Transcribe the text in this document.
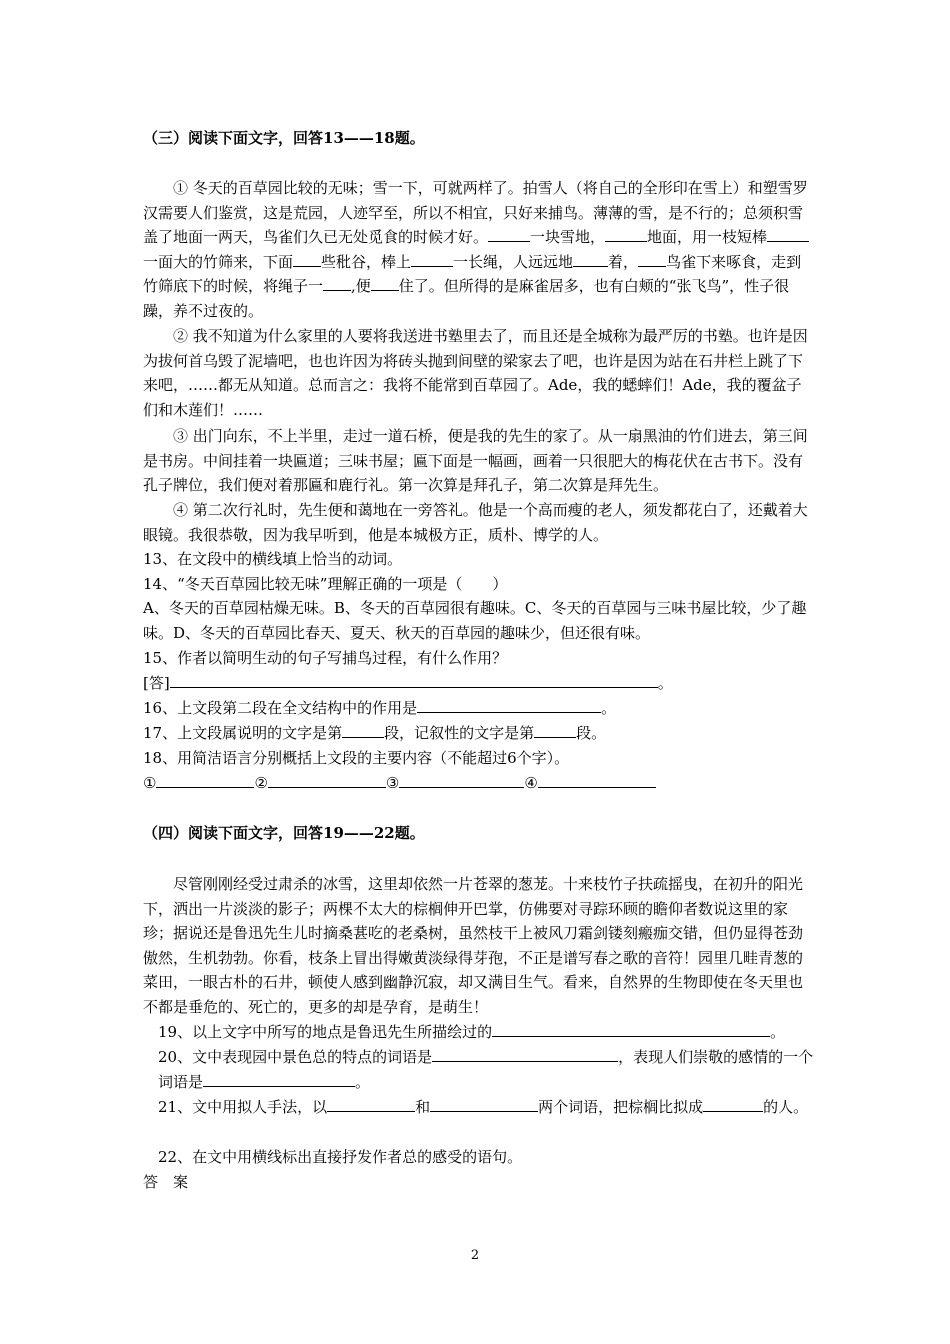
（三）阅读下面文字，回答13——18题。

① 冬天的百草园比较的无味；雪一下，可就两样了。拍雪人（将自己的全形印在雪上）和塑雪罗汉需要人们鉴赏，这是荒园，人迹罕至，所以不相宜，只好来捕鸟。薄薄的雪，是不行的；总须积雪盖了地面一两天，鸟雀们久已无处觅食的时候才好。	一块雪地，	地面，用一枝短棒一面大的竹筛来，下面 些秕谷，棒上	一长绳，人远远地 着， 鸟雀下来啄食，走到竹筛底下的时候，将绳子一 ,便 住了。但所得的是麻雀居多，也有白颊的“张飞鸟”，性子很躁，养不过夜的。

② 我不知道为什么家里的人要将我送进书塾里去了，而且还是全城称为最严厉的书塾。也许是因为拔何首乌毁了泥墙吧，也也许因为将砖头抛到间壁的梁家去了吧，也许是因为站在石井栏上跳了下来吧，……都无从知道。总而言之：我将不能常到百草园了。Ade，我的蟋蟀们！Ade，我的覆盆子们和木莲们！……

③ 出门向东，不上半里，走过一道石桥，便是我的先生的家了。从一扇黑油的竹们进去，第三间是书房。中间挂着一块匾道；三味书屋；匾下面是一幅画，画着一只很肥大的梅花伏在古书下。没有孔子牌位，我们便对着那匾和鹿行礼。第一次算是拜孔子，第二次算是拜先生。

④ 第二次行礼时，先生便和蔼地在一旁答礼。他是一个高而瘦的老人，须发都花白了，还戴着大眼镜。我很恭敬，因为我早听到，他是本城极方正，质朴、博学的人。

13、在文段中的横线填上恰当的动词。

14、“冬天百草园比较无味”理解正确的一项是（　　）

A、冬天的百草园枯燥无味。B、冬天的百草园很有趣味。C、冬天的百草园与三味书屋比较，少了趣味。D、冬天的百草园比春天、夏天、秋天的百草园的趣味少，但还很有味。

15、作者以简明生动的句子写捕鸟过程，有什么作用？

[答]	。

16、上文段第二段在全文结构中的作用是	。

17、上文段属说明的文字是第	段，记叙性的文字是第	段。

18、用简洁语言分别概括上文段的主要内容（不能超过6个字）。

①	②	③	④

（四）阅读下面文字，回答19——22题。

尽管刚刚经受过肃杀的冰雪，这里却依然一片苍翠的葱茏。十来枝竹子扶疏摇曳，在初升的阳光下，洒出一片淡淡的影子；两棵不太大的棕榈伸开巴掌，仿佛要对寻踪环顾的瞻仰者数说这里的家珍；据说还是鲁迅先生儿时摘桑葚吃的老桑树，虽然枝干上被风刀霜剑镂刻瘢痂交错，但仍显得苍劲傲然，生机勃勃。你看，枝条上冒出得嫩黄淡绿得芽孢，不正是谱写春之歌的音符！园里几畦青葱的菜田，一眼古朴的石井，顿使人感到幽静沉寂，却又满目生气。看来，自然界的生物即使在冬天里也不都是垂危的、死亡的，更多的却是孕育，是萌生！

19、以上文字中所写的地点是鲁迅先生所描绘过的	。

20、文中表现园中景色总的特点的词语是	，表现人们崇敬的感情的一个词语是	。

21、文中用拟人手法，以	和	两个词语，把棕榈比拟成	的人。

22、在文中用横线标出直接抒发作者总的感受的语句。

答案

2
